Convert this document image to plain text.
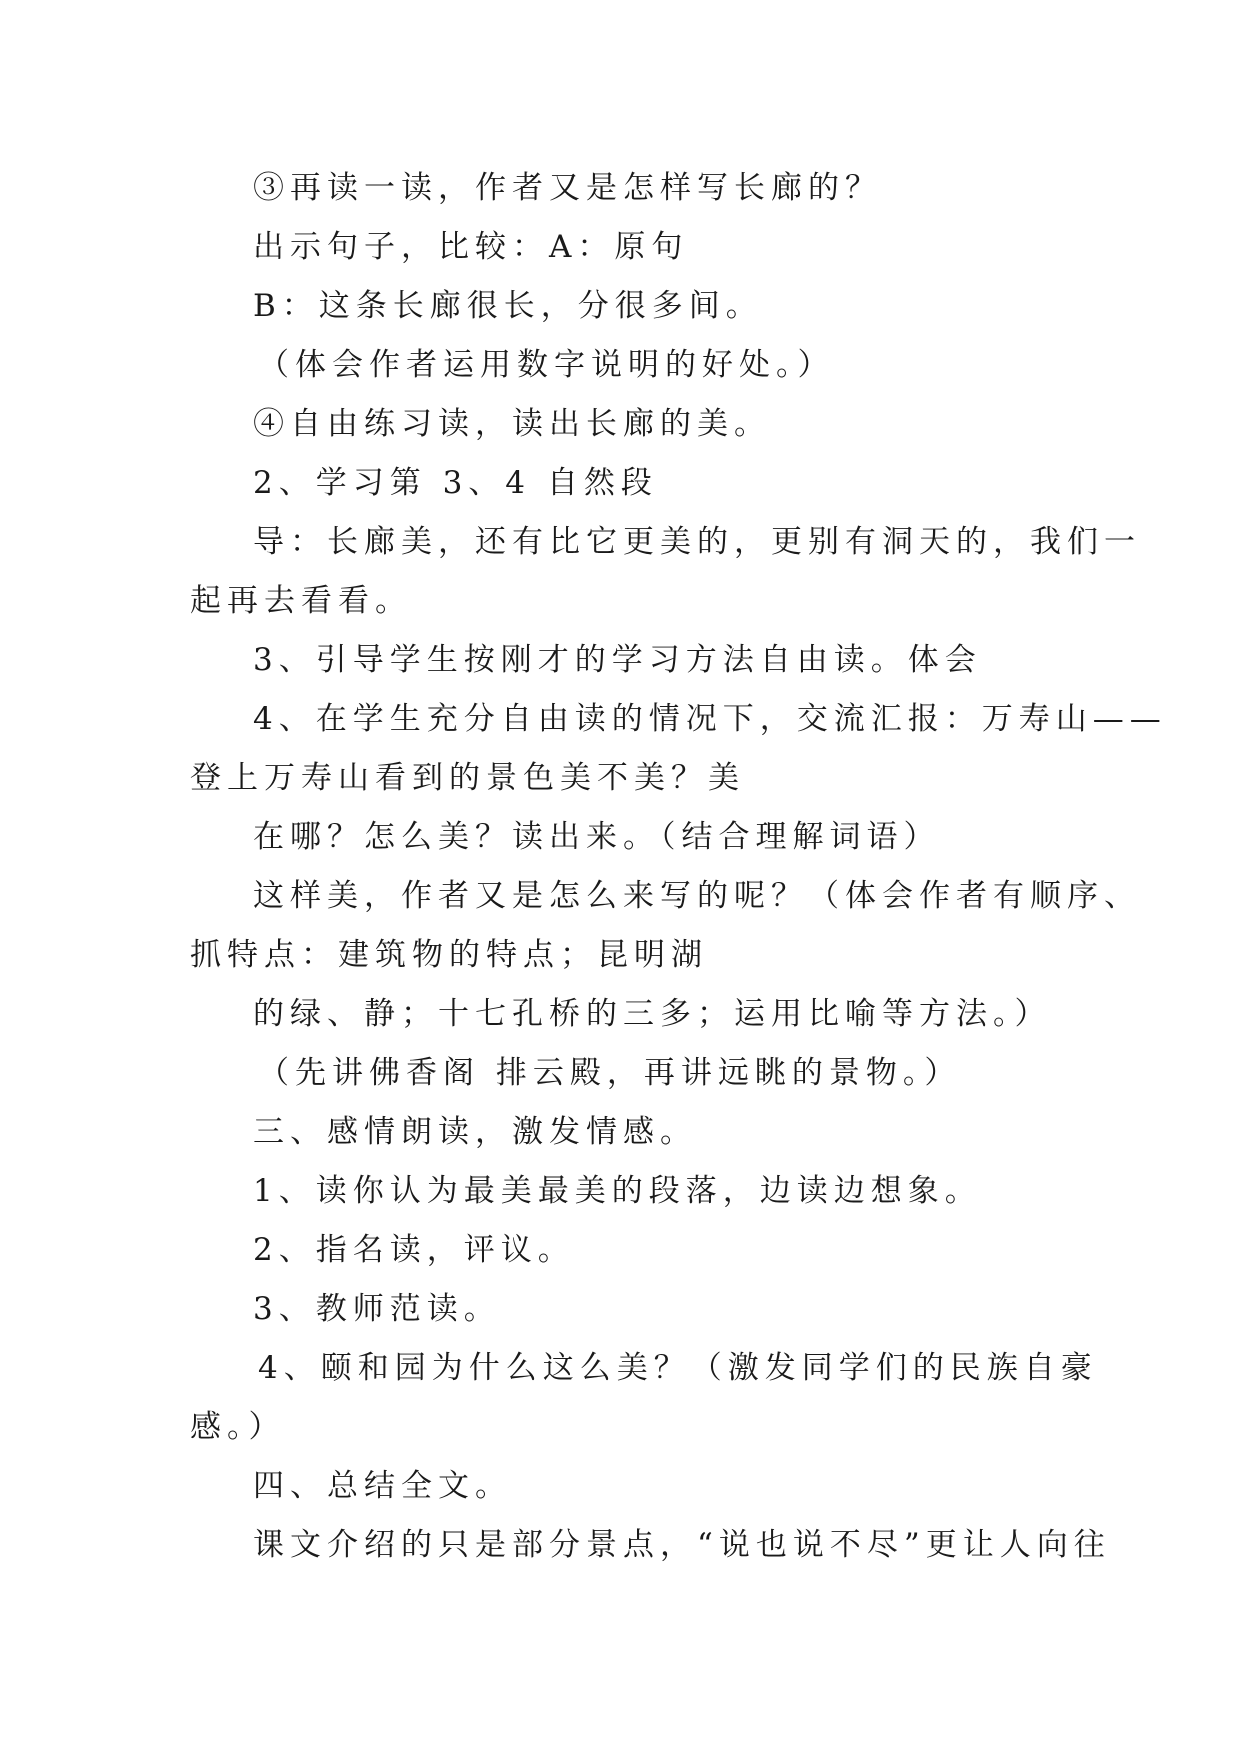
③再读一读，作者又是怎样写长廊的？
出示句子，比较：A：原句
B：这条长廊很长，分很多间。
（体会作者运用数字说明的好处。）
④自由练习读，读出长廊的美。
2、学习第 3、4 自然段
导：长廊美，还有比它更美的，更别有洞天的，我们一
起再去看看。
3、引导学生按刚才的学习方法自由读。体会
4、在学生充分自由读的情况下，交流汇报：万寿山——
登上万寿山看到的景色美不美？美
在哪？怎么美？读出来。（结合理解词语）
这样美，作者又是怎么来写的呢？（体会作者有顺序、
抓特点：建筑物的特点；昆明湖
的绿、静；十七孔桥的三多；运用比喻等方法。）
（先讲佛香阁 排云殿，再讲远眺的景物。）
三、感情朗读，激发情感。
1、读你认为最美最美的段落，边读边想象。
2、指名读，评议。
3、教师范读。
4、颐和园为什么这么美？（激发同学们的民族自豪
感。）
四、总结全文。
课文介绍的只是部分景点，“说也说不尽”更让人向往
